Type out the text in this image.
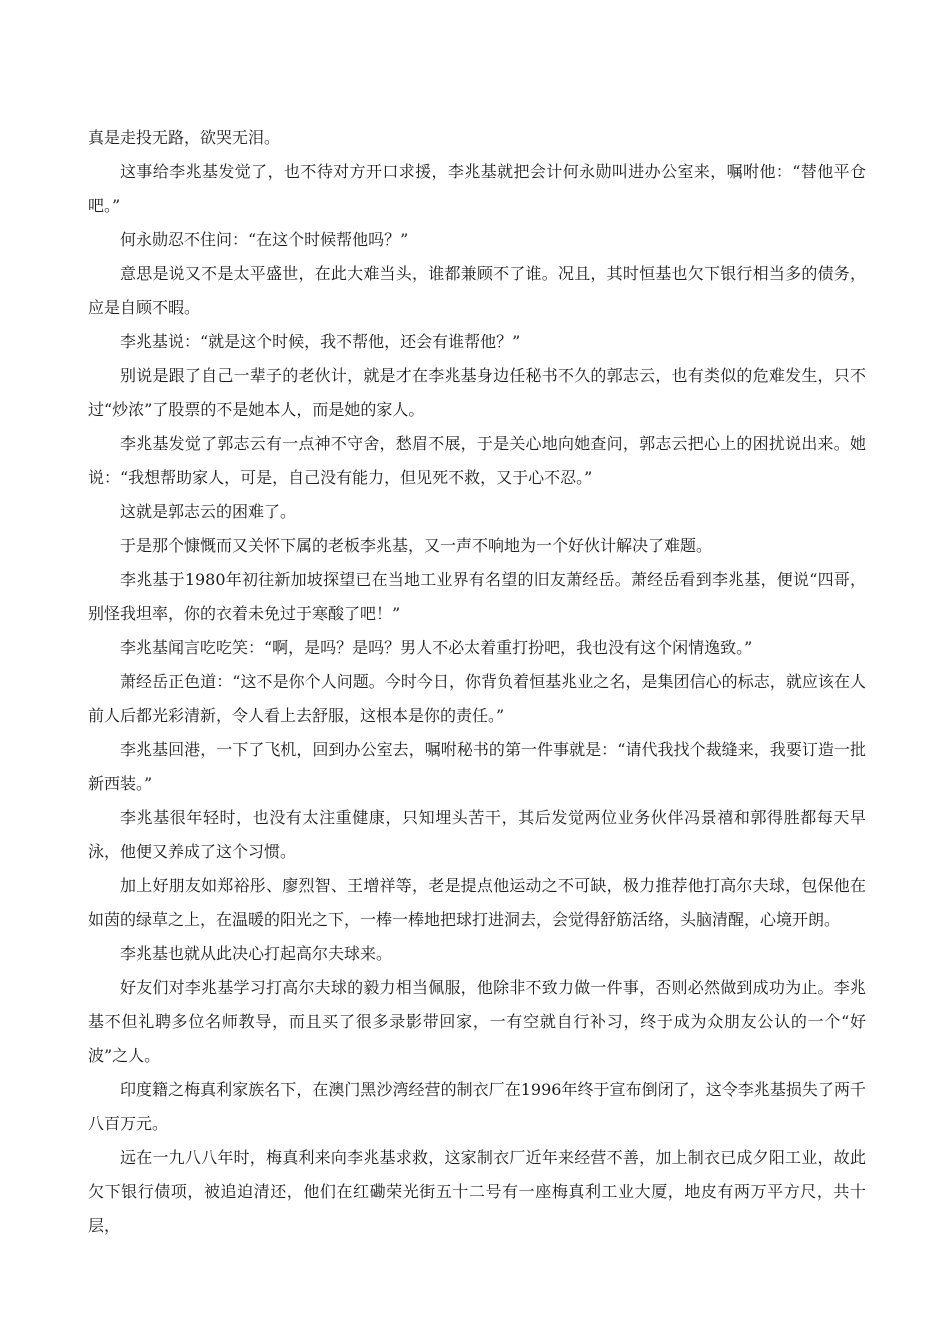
真是走投无路，欲哭无泪。

这事给李兆基发觉了，也不待对方开口求援，李兆基就把会计何永勋叫进办公室来，嘱咐他：“替他平仓吧。”

何永勋忍不住问：“在这个时候帮他吗？”

意思是说又不是太平盛世，在此大难当头，谁都兼顾不了谁。况且，其时恒基也欠下银行相当多的债务，应是自顾不暇。

李兆基说：“就是这个时候，我不帮他，还会有谁帮他？”

别说是跟了自己一辈子的老伙计，就是才在李兆基身边任秘书不久的郭志云，也有类似的危难发生，只不过“炒浓”了股票的不是她本人，而是她的家人。

李兆基发觉了郭志云有一点神不守舍，愁眉不展，于是关心地向她查问，郭志云把心上的困扰说出来。她说：“我想帮助家人，可是，自己没有能力，但见死不救，又于心不忍。”

这就是郭志云的困难了。

于是那个慷慨而又关怀下属的老板李兆基，又一声不响地为一个好伙计解决了难题。

李兆基于1980年初往新加坡探望已在当地工业界有名望的旧友萧经岳。萧经岳看到李兆基，便说“四哥，别怪我坦率，你的衣着未免过于寒酸了吧！”

李兆基闻言吃吃笑：“啊，是吗？是吗？男人不必太着重打扮吧，我也没有这个闲情逸致。”

萧经岳正色道：“这不是你个人问题。今时今日，你背负着恒基兆业之名，是集团信心的标志，就应该在人前人后都光彩清新，令人看上去舒服，这根本是你的责任。”

李兆基回港，一下了飞机，回到办公室去，嘱咐秘书的第一件事就是：“请代我找个裁缝来，我要订造一批新西装。”

李兆基很年轻时，也没有太注重健康，只知埋头苦干，其后发觉两位业务伙伴冯景禧和郭得胜都每天早泳，他便又养成了这个习惯。

加上好朋友如郑裕彤、廖烈智、王增祥等，老是提点他运动之不可缺，极力推荐他打高尔夫球，包保他在如茵的绿草之上，在温暖的阳光之下，一棒一棒地把球打进洞去，会觉得舒筋活络，头脑清醒，心境开朗。

李兆基也就从此决心打起高尔夫球来。

好友们对李兆基学习打高尔夫球的毅力相当佩服，他除非不致力做一件事，否则必然做到成功为止。李兆基不但礼聘多位名师教导，而且买了很多录影带回家，一有空就自行补习，终于成为众朋友公认的一个“好波”之人。

印度籍之梅真利家族名下，在澳门黑沙湾经营的制衣厂在1996年终于宣布倒闭了，这令李兆基损失了两千八百万元。

远在一九八八年时，梅真利来向李兆基求救，这家制衣厂近年来经营不善，加上制衣已成夕阳工业，故此欠下银行债项，被追迫清还，他们在红磡荣光街五十二号有一座梅真利工业大厦，地皮有两万平方尺，共十层，
